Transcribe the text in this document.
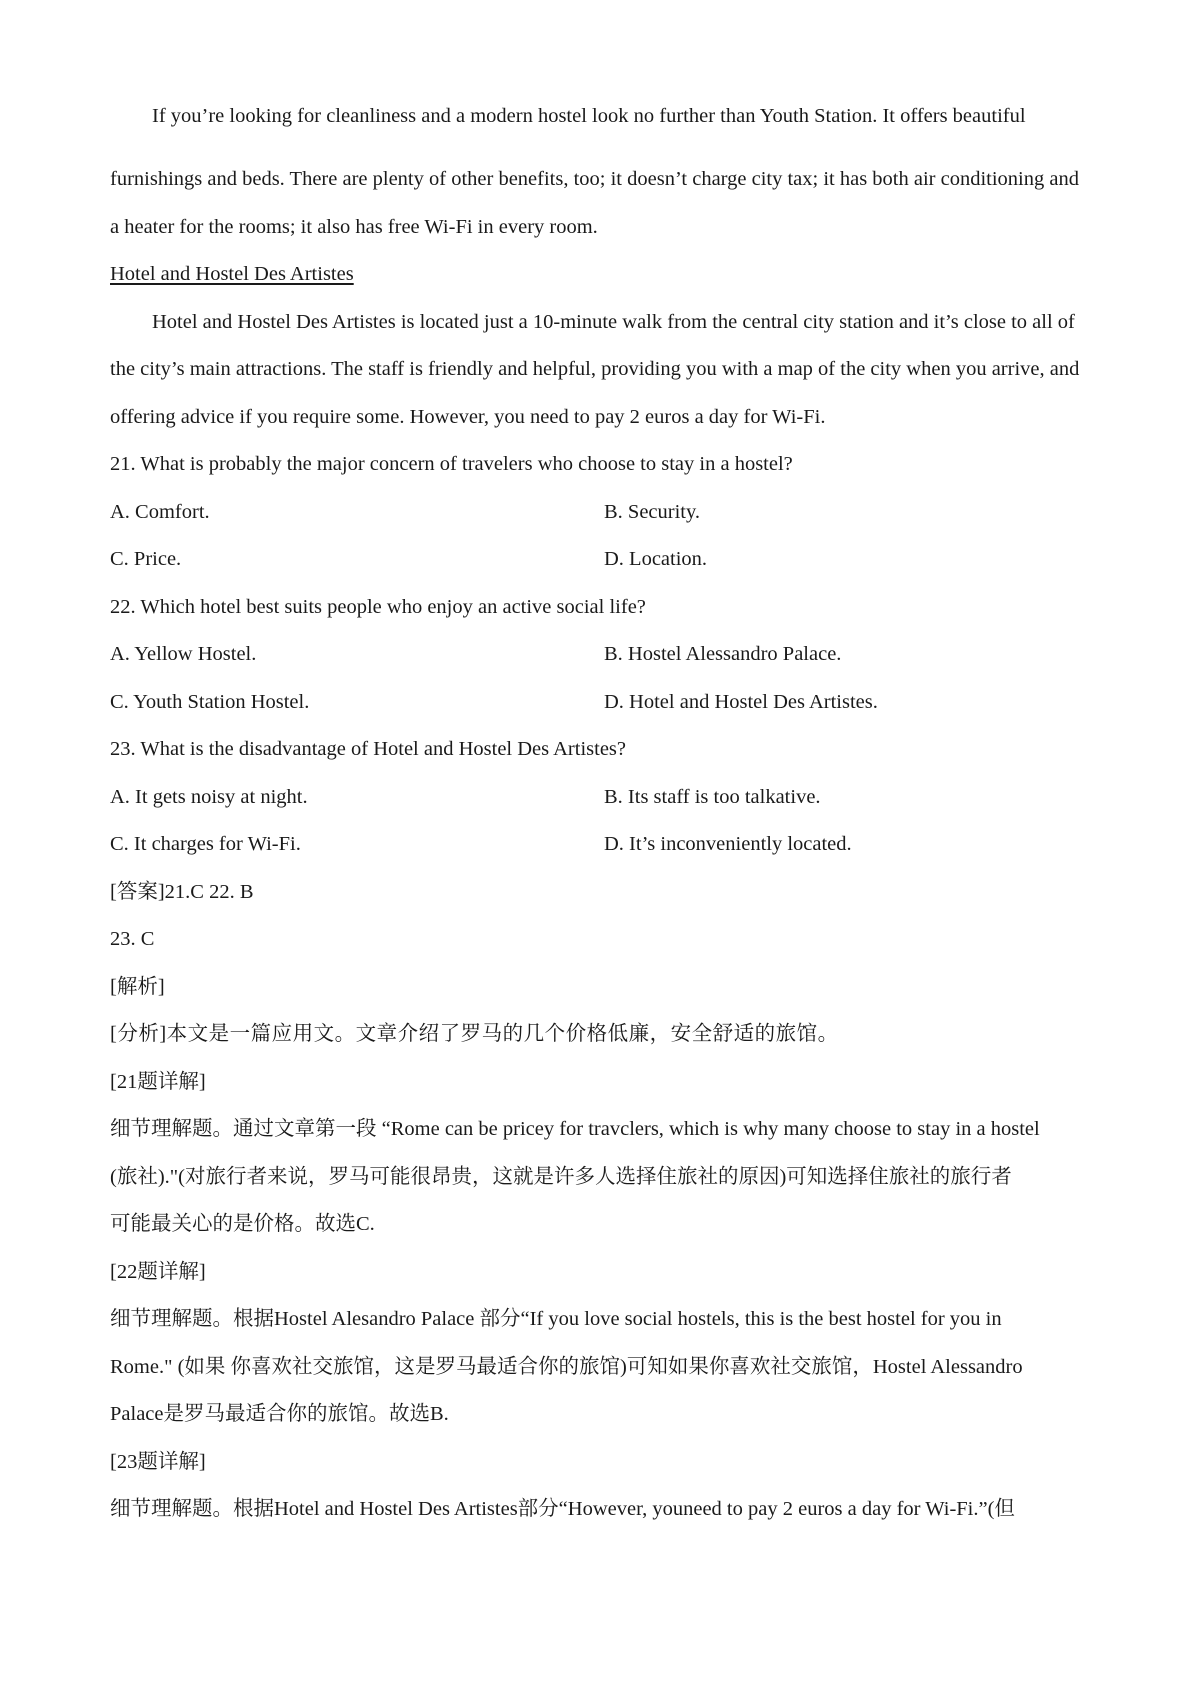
If you’re looking for cleanliness and a modern hostel look no further than Youth Station. It offers beautiful
furnishings and beds. There are plenty of other benefits, too; it doesn’t charge city tax; it has both air conditioning and
a heater for the rooms; it also has free Wi-Fi in every room.
Hotel and Hostel Des Artistes
Hotel and Hostel Des Artistes is located just a 10-minute walk from the central city station and it’s close to all of
the city’s main attractions. The staff is friendly and helpful, providing you with a map of the city when you arrive, and
offering advice if you require some. However, you need to pay 2 euros a day for Wi-Fi.
21. What is probably the major concern of travelers who choose to stay in a hostel?
A. Comfort.	B. Security.
C. Price.	D. Location.
22. Which hotel best suits people who enjoy an active social life?
A. Yellow Hostel.	B. Hostel Alessandro Palace.
C. Youth Station Hostel.	D. Hotel and Hostel Des Artistes.
23. What is the disadvantage of Hotel and Hostel Des Artistes?
A. It gets noisy at night.	B. Its staff is too talkative.
C. It charges for Wi-Fi.	D. It’s inconveniently located.
[答案]21.C 22. B
23. C
[解析]
[分析]本文是一篇应用文。文章介绍了罗马的几个价格低廉，安全舒适的旅馆。
[21题详解]
细节理解题。通过文章第一段 “Rome can be pricey for travclers, which is why many choose to stay in a hostel
(旅社)."(对旅行者来说，罗马可能很昂贵，这就是许多人选择住旅社的原因)可知选择住旅社的旅行者
可能最关心的是价格。故选C.
[22题详解]
细节理解题。根据Hostel Alesandro Palace 部分“If you love social hostels, this is the best hostel for you in
Rome." (如果 你喜欢社交旅馆，这是罗马最适合你的旅馆)可知如果你喜欢社交旅馆，Hostel Alessandro
Palace是罗马最适合你的旅馆。故选B.
[23题详解]
细节理解题。根据Hotel and Hostel Des Artistes部分“However, youneed to pay 2 euros a day for Wi-Fi.”(但
